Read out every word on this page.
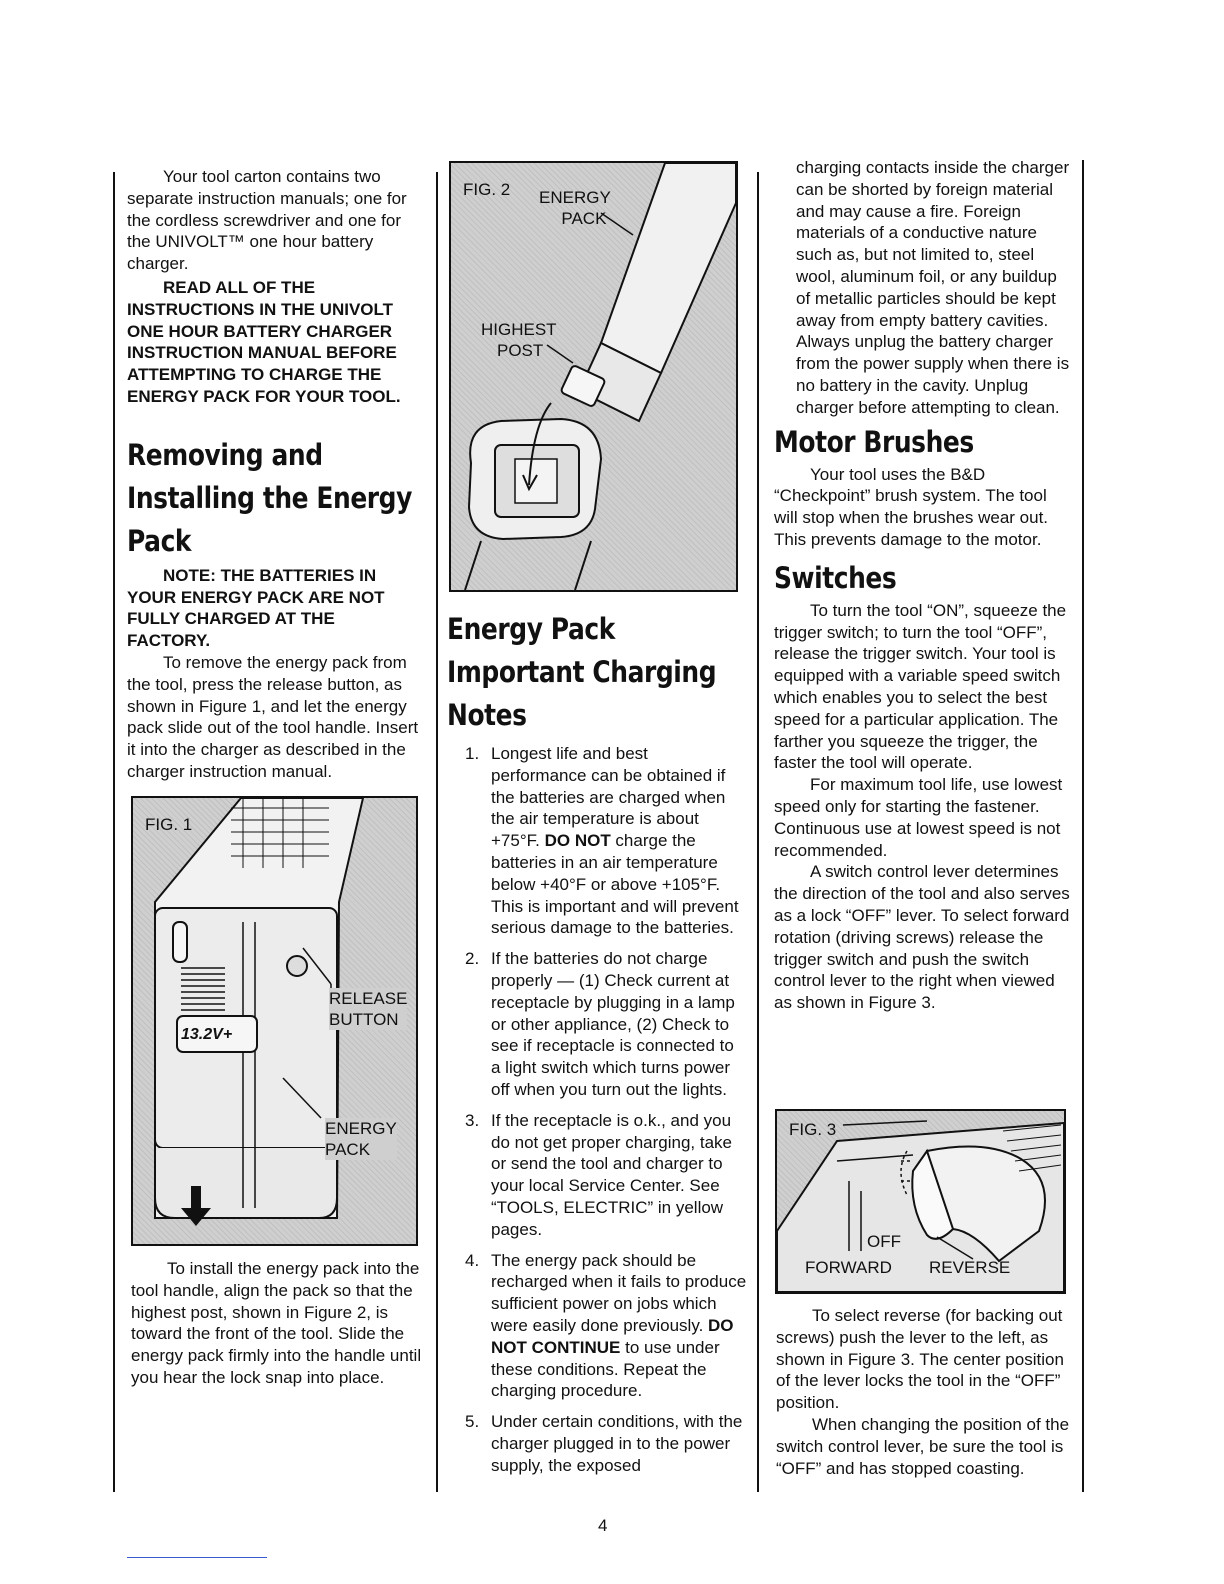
Your tool carton contains two separate instruction manuals; one for the cordless screwdriver and one for the UNIVOLT™ one hour battery charger.

READ ALL OF THE INSTRUCTIONS IN THE UNIVOLT ONE HOUR BATTERY CHARGER INSTRUCTION MANUAL BEFORE ATTEMPTING TO CHARGE THE ENERGY PACK FOR YOUR TOOL.

Removing and
Installing the Energy
Pack

NOTE: THE BATTERIES IN
YOUR ENERGY PACK ARE NOT FULLY CHARGED AT THE FACTORY.

To remove the energy pack from the tool, press the release button, as shown in Figure 1, and let the energy pack slide out of the tool handle. Insert it into the charger as described in the charger instruction manual.

FIG. 1
13.2V+
RELEASE
BUTTON
ENERGY
PACK

To install the energy pack into the tool handle, align the pack so that the highest post, shown in Figure 2, is toward the front of the tool. Slide the energy pack firmly into the handle until you hear the lock snap into place.

FIG. 2 ENERGY
PACK
HIGHEST
POST
Energy Pack
Important Charging
Notes
1. Longest life and best performance can be obtained if the batteries are charged when the air temperature is about +75°F. DO NOT charge the batteries in an air temperature below +40°F or above +105°F. This is important and will prevent serious damage to the batteries.
2. If the batteries do not charge properly — (1) Check current at receptacle by plugging in a lamp or other appliance, (2) Check to see if receptacle is connected to a light switch which turns power off when you turn out the lights.
3. If the receptacle is o.k., and you do not get proper charging, take or send the tool and charger to your local Service Center. See “TOOLS, ELECTRIC” in yellow pages.
4. The energy pack should be recharged when it fails to produce sufficient power on jobs which were easily done previously. DO NOT CONTINUE to use under these conditions. Repeat the charging procedure.
5. Under certain conditions, with the charger plugged in to the power supply, the exposed

charging contacts inside the charger can be shorted by foreign material and may cause a fire. Foreign materials of a conductive nature such as, but not limited to, steel wool, aluminum foil, or any buildup of metallic particles should be kept away from empty battery cavities. Always unplug the battery charger from the power supply when there is no battery in the cavity. Unplug charger before attempting to clean.

Motor Brushes

Your tool uses the B&D “Checkpoint” brush system. The tool will stop when the brushes wear out. This prevents damage to the motor.

Switches

To turn the tool “ON”, squeeze the trigger switch; to turn the tool “OFF”, release the trigger switch. Your tool is equipped with a variable speed switch which enables you to select the best speed for a particular application. The farther you squeeze the trigger, the faster the tool will operate.

For maximum tool life, use lowest speed only for starting the fastener. Continuous use at lowest speed is not recommended.

A switch control lever determines the direction of the tool and also serves as a lock “OFF” lever. To select forward rotation (driving screws) release the trigger switch and push the switch control lever to the right when viewed as shown in Figure 3.

FIG. 3
OFF
FORWARD REVERSE

To select reverse (for backing out screws) push the lever to the left, as shown in Figure 3. The center position of the lever locks the tool in the “OFF” position.

When changing the position of the switch control lever, be sure the tool is “OFF” and has stopped coasting.

4
